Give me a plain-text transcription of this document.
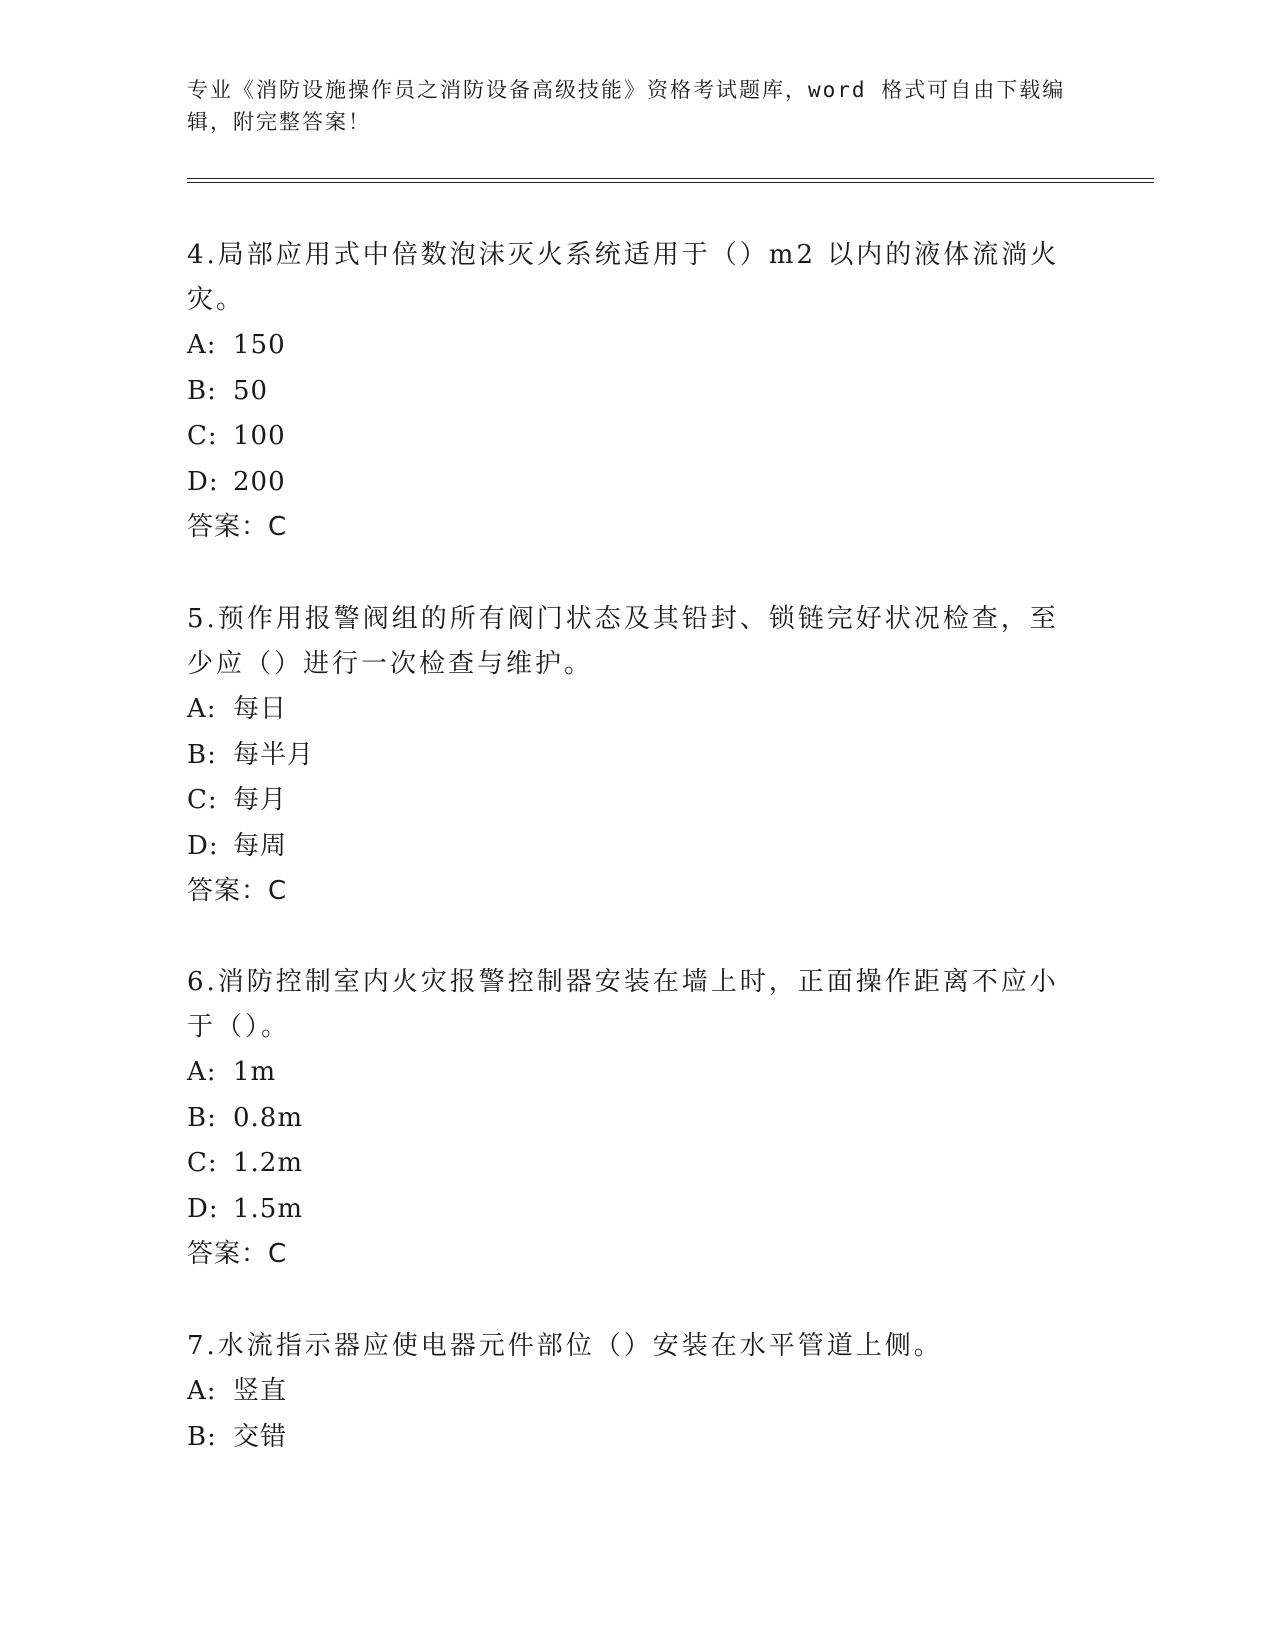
专业《消防设施操作员之消防设备高级技能》资格考试题库，word 格式可自由下载编辑，附完整答案！

4.局部应用式中倍数泡沫灭火系统适用于（）m2 以内的液体流淌火灾。

A: 150

B: 50

C: 100

D: 200

答案：C

5.预作用报警阀组的所有阀门状态及其铅封、锁链完好状况检查，至少应（）进行一次检查与维护。

A: 每日

B: 每半月

C: 每月

D: 每周

答案：C

6.消防控制室内火灾报警控制器安装在墙上时，正面操作距离不应小于（）。

A: 1m

B: 0.8m

C: 1.2m

D: 1.5m

答案：C

7.水流指示器应使电器元件部位（）安装在水平管道上侧。

A: 竖直

B: 交错
